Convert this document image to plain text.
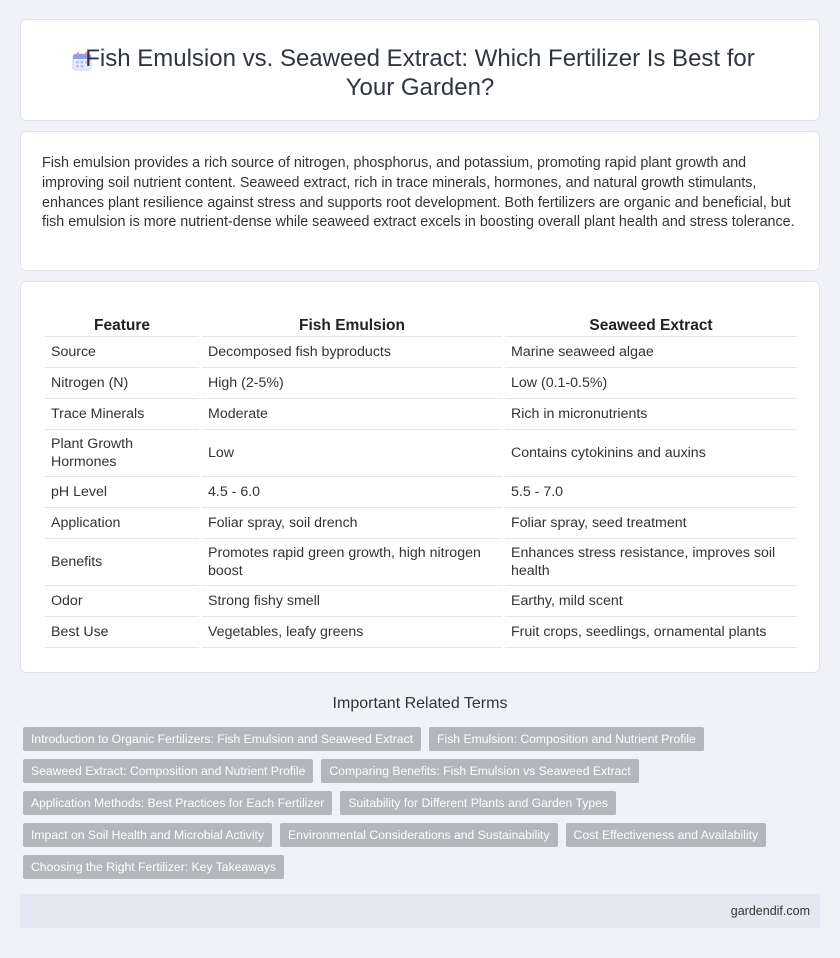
Fish Emulsion vs. Seaweed Extract: Which Fertilizer Is Best for
Your Garden?

Fish emulsion provides a rich source of nitrogen, phosphorus, and potassium, promoting rapid plant growth and improving soil nutrient content. Seaweed extract, rich in trace minerals, hormones, and natural growth stimulants, enhances plant resilience against stress and supports root development. Both fertilizers are organic and beneficial, but fish emulsion is more nutrient-dense while seaweed extract excels in boosting overall plant health and stress tolerance.

Feature	Fish Emulsion	Seaweed Extract
Source	Decomposed fish byproducts	Marine seaweed algae
Nitrogen (N)	High (2-5%)	Low (0.1-0.5%)
Trace Minerals	Moderate	Rich in micronutrients
Plant Growth Hormones	Low	Contains cytokinins and auxins
pH Level	4.5 - 6.0	5.5 - 7.0
Application	Foliar spray, soil drench	Foliar spray, seed treatment
Benefits	Promotes rapid green growth, high nitrogen boost	Enhances stress resistance, improves soil health
Odor	Strong fishy smell	Earthy, mild scent
Best Use	Vegetables, leafy greens	Fruit crops, seedlings, ornamental plants
Important Related Terms
Introduction to Organic Fertilizers: Fish Emulsion and Seaweed Extract	Fish Emulsion: Composition and Nutrient Profile
Seaweed Extract: Composition and Nutrient Profile	Comparing Benefits: Fish Emulsion vs Seaweed Extract
Application Methods: Best Practices for Each Fertilizer	Suitability for Different Plants and Garden Types
Impact on Soil Health and Microbial Activity	Environmental Considerations and Sustainability	Cost Effectiveness and Availability
Choosing the Right Fertilizer: Key Takeaways
gardendif.com
